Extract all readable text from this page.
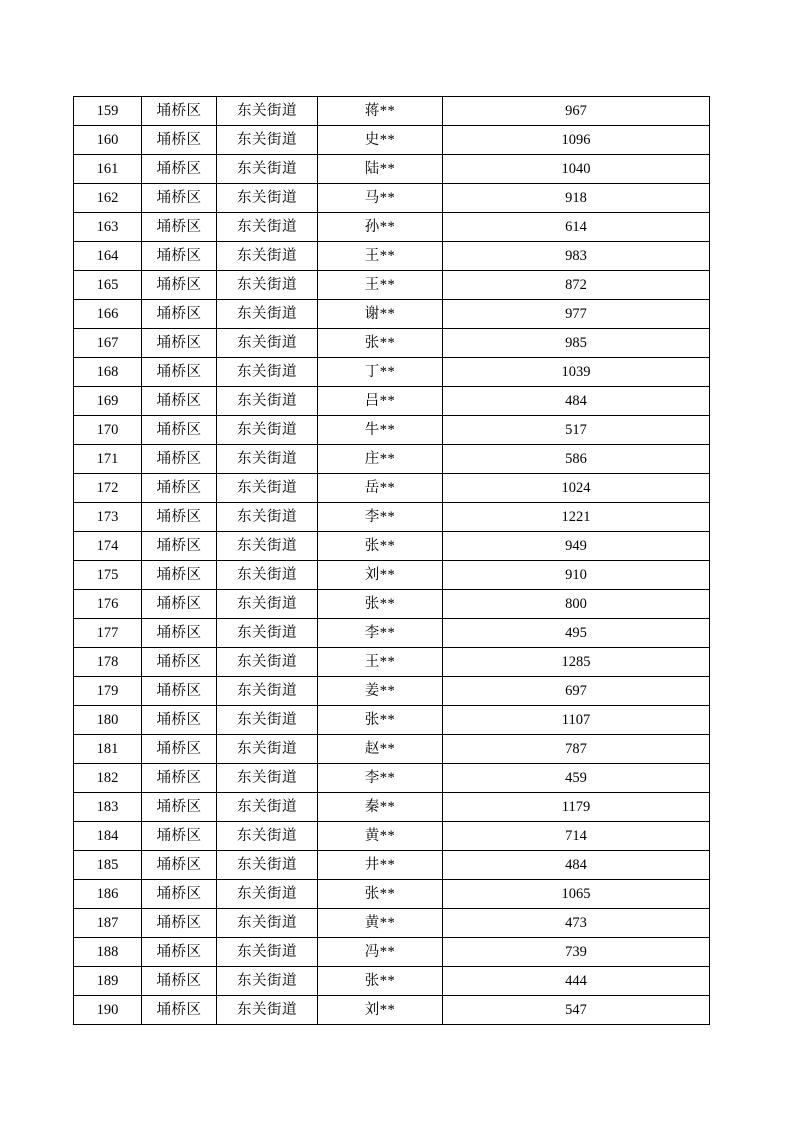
159	埇桥区	东关街道	蒋**	967
160	埇桥区	东关街道	史**	1096
161	埇桥区	东关街道	陆**	1040
162	埇桥区	东关街道	马**	918
163	埇桥区	东关街道	孙**	614
164	埇桥区	东关街道	王**	983
165	埇桥区	东关街道	王**	872
166	埇桥区	东关街道	谢**	977
167	埇桥区	东关街道	张**	985
168	埇桥区	东关街道	丁**	1039
169	埇桥区	东关街道	吕**	484
170	埇桥区	东关街道	牛**	517
171	埇桥区	东关街道	庄**	586
172	埇桥区	东关街道	岳**	1024
173	埇桥区	东关街道	李**	1221
174	埇桥区	东关街道	张**	949
175	埇桥区	东关街道	刘**	910
176	埇桥区	东关街道	张**	800
177	埇桥区	东关街道	李**	495
178	埇桥区	东关街道	王**	1285
179	埇桥区	东关街道	姜**	697
180	埇桥区	东关街道	张**	1107
181	埇桥区	东关街道	赵**	787
182	埇桥区	东关街道	李**	459
183	埇桥区	东关街道	秦**	1179
184	埇桥区	东关街道	黄**	714
185	埇桥区	东关街道	井**	484
186	埇桥区	东关街道	张**	1065
187	埇桥区	东关街道	黄**	473
188	埇桥区	东关街道	冯**	739
189	埇桥区	东关街道	张**	444
190	埇桥区	东关街道	刘**	547
